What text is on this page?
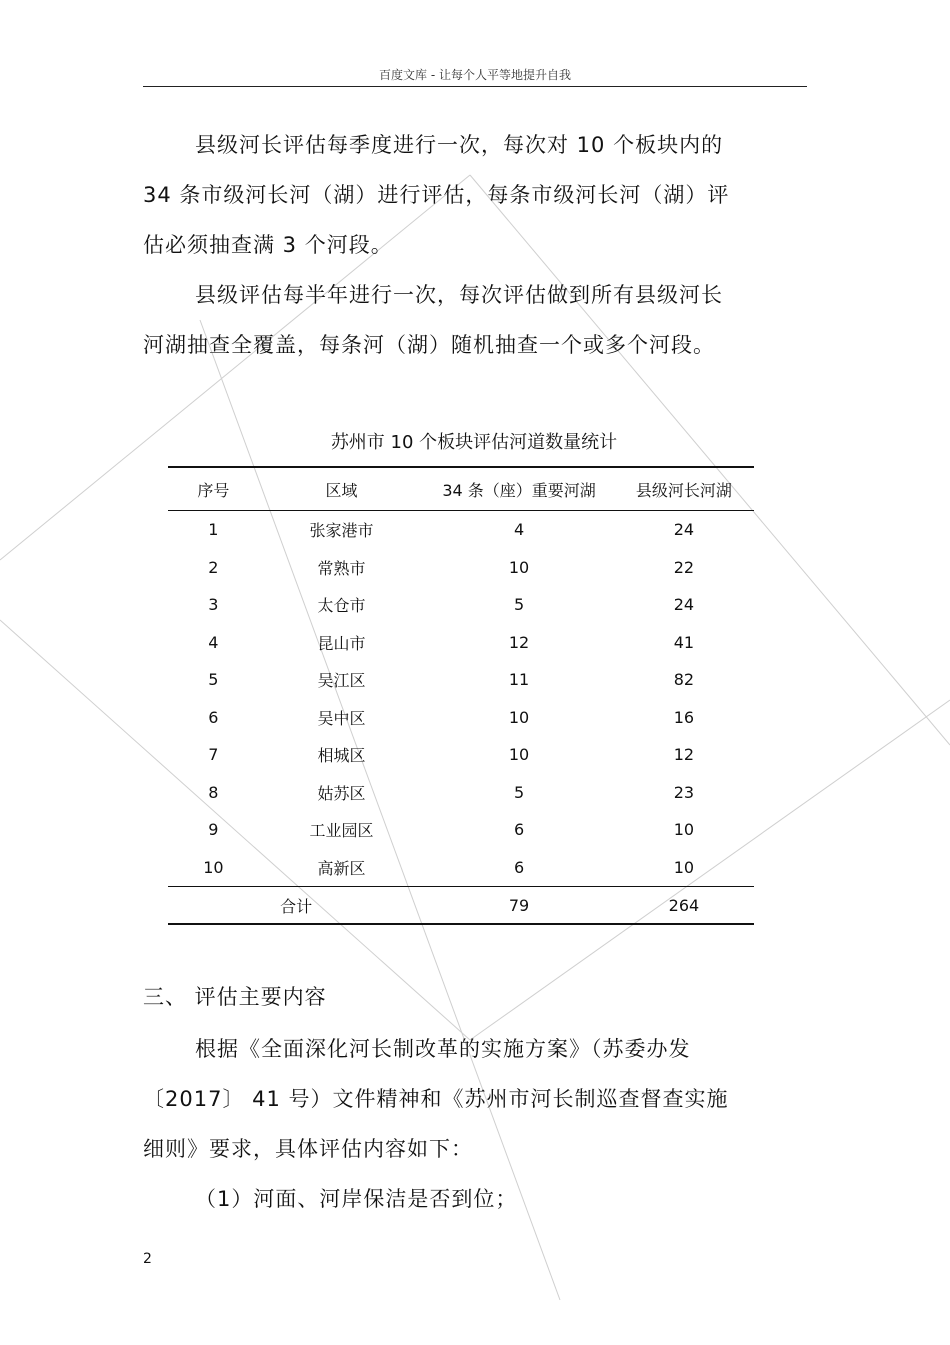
百度文库 - 让每个人平等地提升自我

县级河长评估每季度进行一次，每次对 10 个板块内的
34 条市级河长河（湖）进行评估，每条市级河长河（湖）评
估必须抽查满 3 个河段。

县级评估每半年进行一次，每次评估做到所有县级河长
河湖抽查全覆盖，每条河（湖）随机抽查一个或多个河段。

苏州市 10 个板块评估河道数量统计
序号	区域	34 条（座）重要河湖	县级河长河湖
1	张家港市	4	24
2	常熟市	10	22
3	太仓市	5	24
4	昆山市	12	41
5	吴江区	11	82
6	吴中区	10	16
7	相城区	10	12
8	姑苏区	5	23
9	工业园区	6	10
10	高新区	6	10
合计		79	264

三、 评估主要内容

根据《全面深化河长制改革的实施方案》（苏委办发
〔2017〕 41 号）文件精神和《苏州市河长制巡查督查实施
细则》要求，具体评估内容如下：

（1）河面、河岸保洁是否到位；

2
